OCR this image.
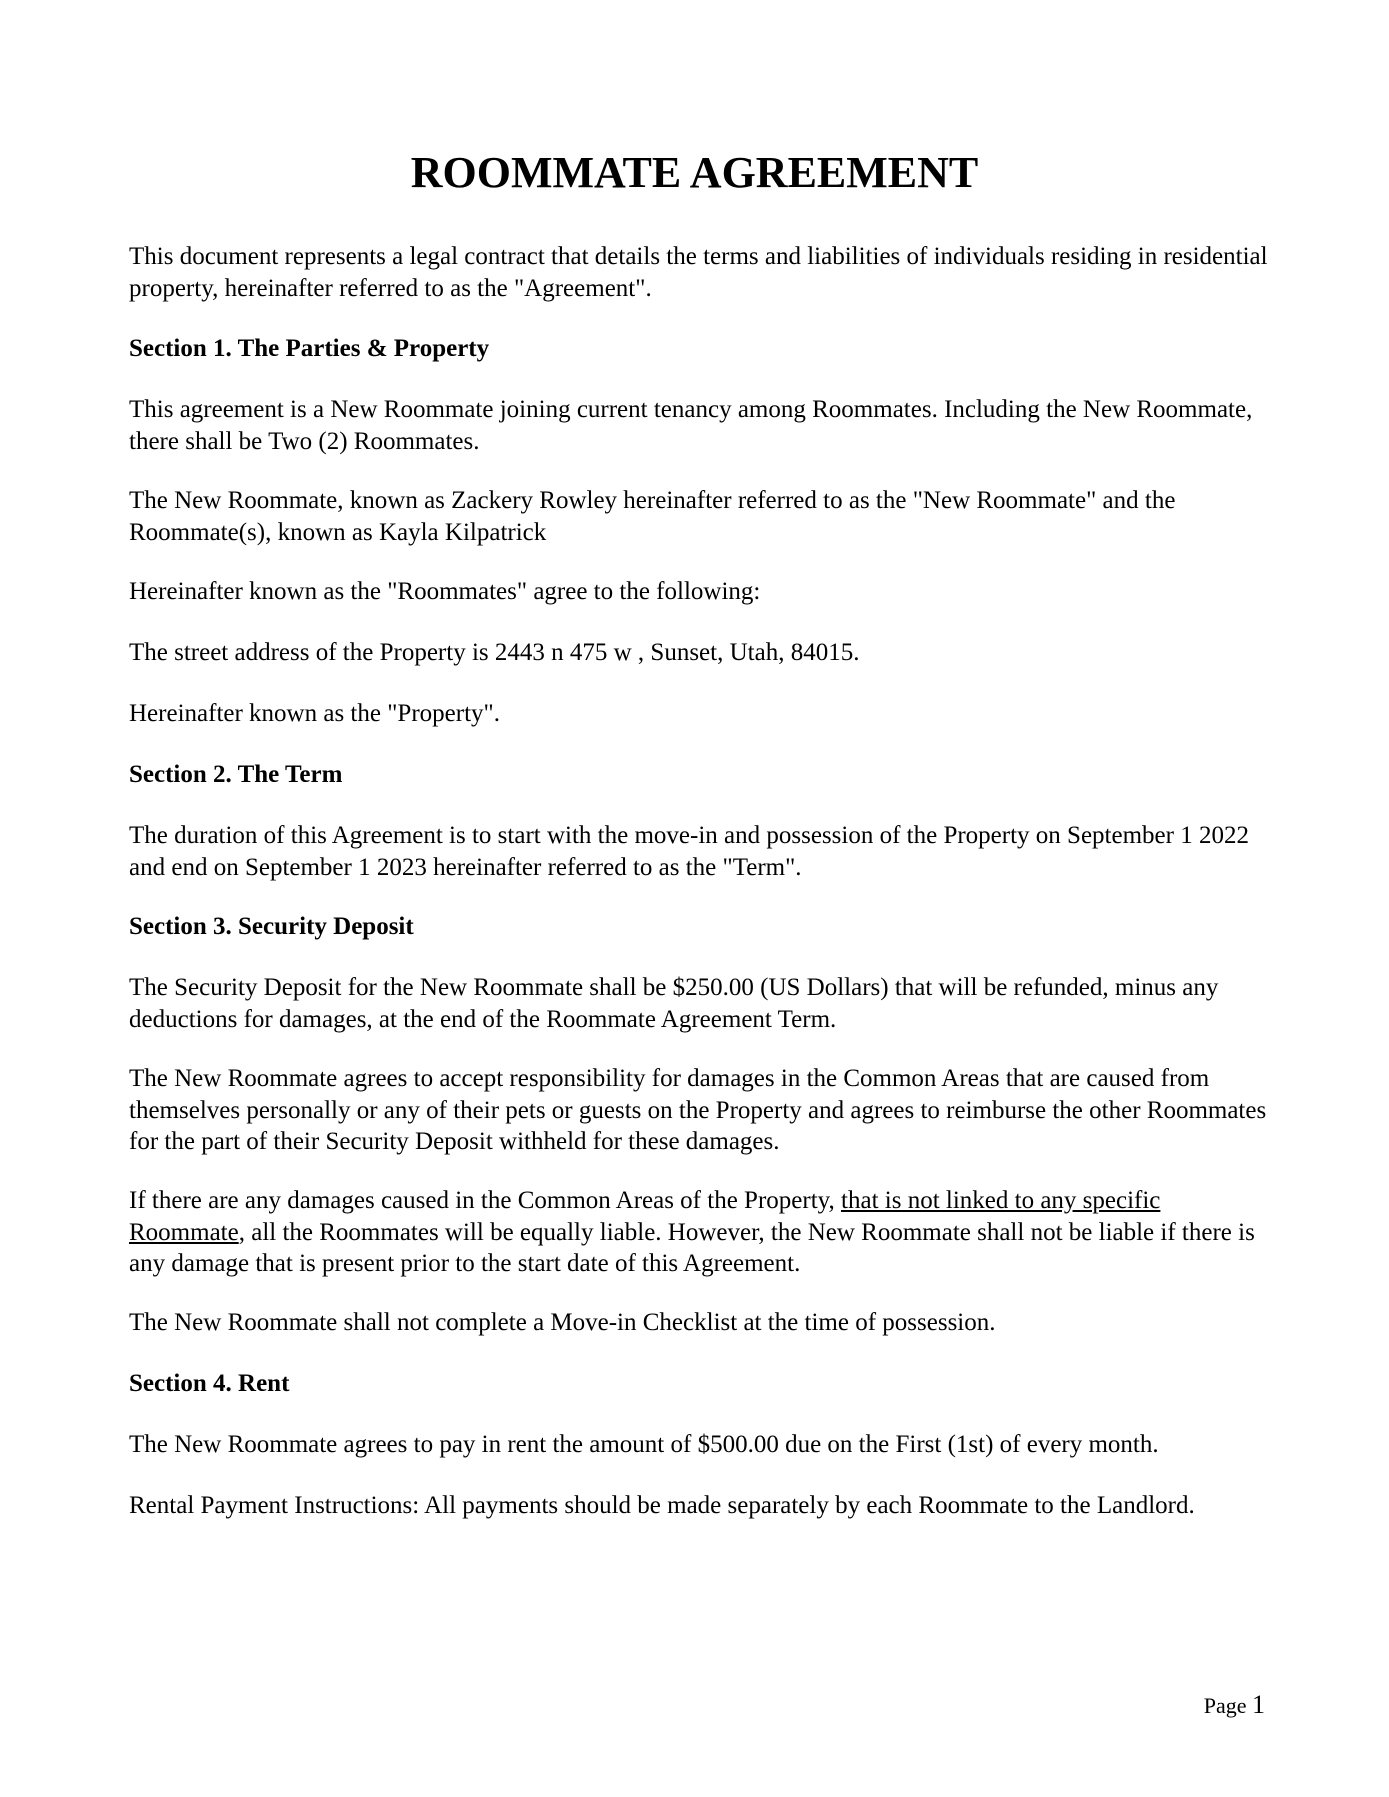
ROOMMATE AGREEMENT

This document represents a legal contract that details the terms and liabilities of individuals residing in residential property, hereinafter referred to as the "Agreement".

Section 1. The Parties & Property

This agreement is a New Roommate joining current tenancy among Roommates. Including the New Roommate, there shall be Two (2) Roommates.

The New Roommate, known as Zackery Rowley hereinafter referred to as the "New Roommate" and the Roommate(s), known as Kayla Kilpatrick

Hereinafter known as the "Roommates" agree to the following:

The street address of the Property is 2443 n 475 w , Sunset, Utah, 84015.

Hereinafter known as the "Property".

Section 2. The Term

The duration of this Agreement is to start with the move-in and possession of the Property on September 1 2022 and end on September 1 2023 hereinafter referred to as the "Term".

Section 3. Security Deposit

The Security Deposit for the New Roommate shall be $250.00 (US Dollars) that will be refunded, minus any deductions for damages, at the end of the Roommate Agreement Term.

The New Roommate agrees to accept responsibility for damages in the Common Areas that are caused from themselves personally or any of their pets or guests on the Property and agrees to reimburse the other Roommates for the part of their Security Deposit withheld for these damages.

If there are any damages caused in the Common Areas of the Property, that is not linked to any specific Roommate, all the Roommates will be equally liable. However, the New Roommate shall not be liable if there is any damage that is present prior to the start date of this Agreement.

The New Roommate shall not complete a Move-in Checklist at the time of possession.

Section 4. Rent

The New Roommate agrees to pay in rent the amount of $500.00 due on the First (1st) of every month.

Rental Payment Instructions: All payments should be made separately by each Roommate to the Landlord.

Page 1
